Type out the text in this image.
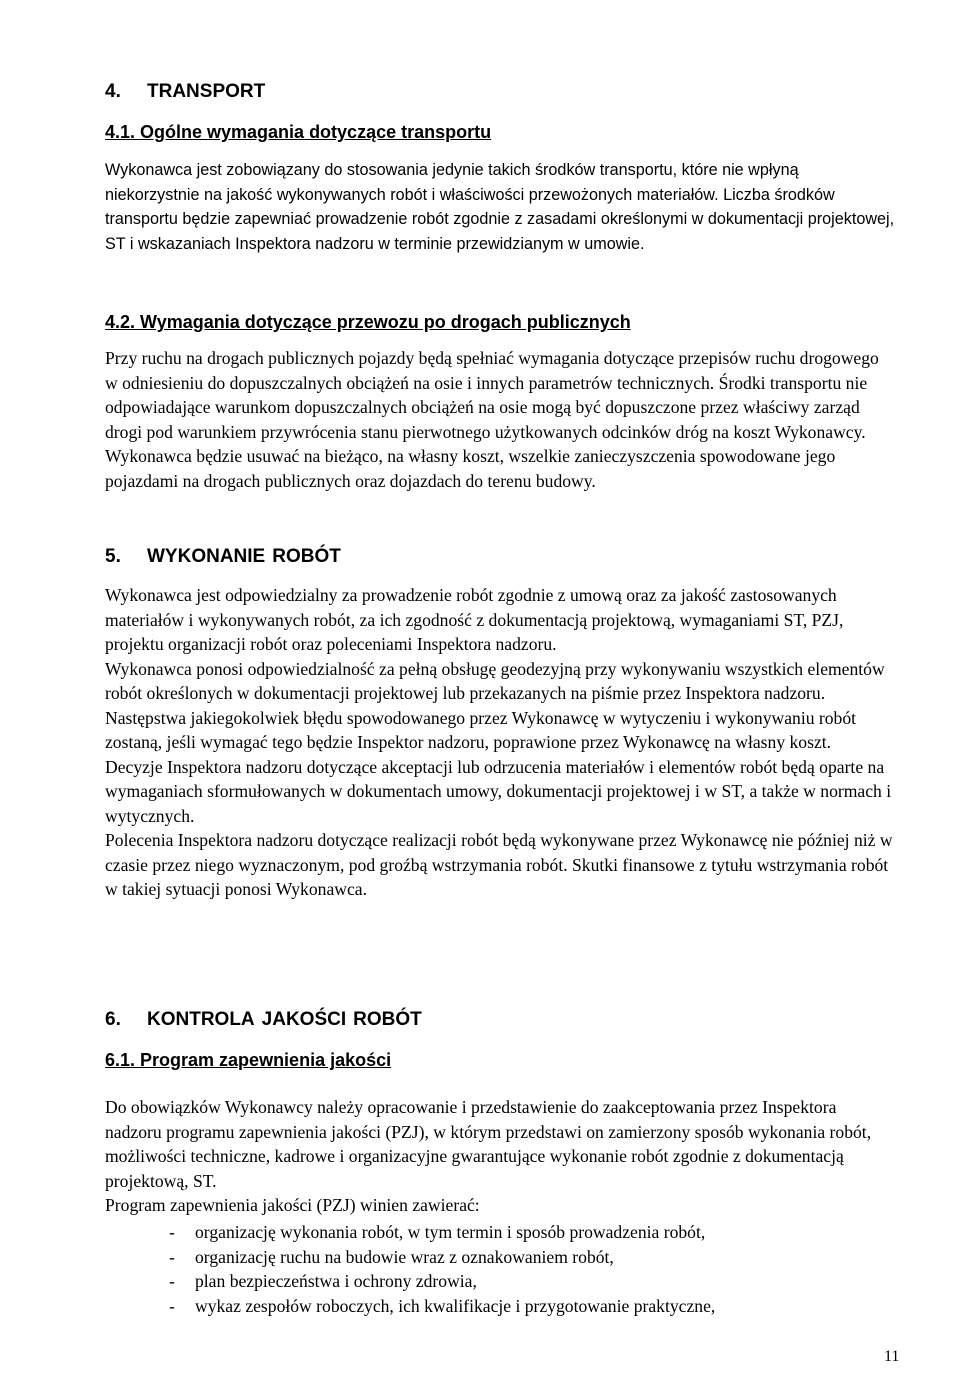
4. TRANSPORT
4.1. Ogólne wymagania dotyczące transportu

Wykonawca jest zobowiązany do stosowania jedynie takich środków transportu, które nie wpłyną niekorzystnie na jakość wykonywanych robót i właściwości przewożonych materiałów. Liczba środków transportu będzie zapewniać prowadzenie robót zgodnie z zasadami określonymi w dokumentacji projektowej, ST i wskazaniach Inspektora nadzoru w terminie przewidzianym w umowie.

4.2. Wymagania dotyczące przewozu po drogach publicznych

Przy ruchu na drogach publicznych pojazdy będą spełniać wymagania dotyczące przepisów ruchu drogowego w odniesieniu do dopuszczalnych obciążeń na osie i innych parametrów technicznych. Środki transportu nie odpowiadające warunkom dopuszczalnych obciążeń na osie mogą być dopuszczone przez właściwy zarząd drogi pod warunkiem przywrócenia stanu pierwotnego użytkowanych odcinków dróg na koszt Wykonawcy.
Wykonawca będzie usuwać na bieżąco, na własny koszt, wszelkie zanieczyszczenia spowodowane jego pojazdami na drogach publicznych oraz dojazdach do terenu budowy.

5. WYKONANIE ROBÓT

Wykonawca jest odpowiedzialny za prowadzenie robót zgodnie z umową oraz za jakość zastosowanych materiałów i wykonywanych robót, za ich zgodność z dokumentacją projektową, wymaganiami ST, PZJ, projektu organizacji robót oraz poleceniami Inspektora nadzoru.
Wykonawca ponosi odpowiedzialność za pełną obsługę geodezyjną przy wykonywaniu wszystkich elementów robót określonych w dokumentacji projektowej lub przekazanych na piśmie przez Inspektora nadzoru.
Następstwa jakiegokolwiek błędu spowodowanego przez Wykonawcę w wytyczeniu i wykonywaniu robót zostaną, jeśli wymagać tego będzie Inspektor nadzoru, poprawione przez Wykonawcę na własny koszt.
Decyzje Inspektora nadzoru dotyczące akceptacji lub odrzucenia materiałów i elementów robót będą oparte na wymaganiach sformułowanych w dokumentach umowy, dokumentacji projektowej i w ST, a także w normach i wytycznych.
Polecenia Inspektora nadzoru dotyczące realizacji robót będą wykonywane przez Wykonawcę nie później niż w czasie przez niego wyznaczonym, pod groźbą wstrzymania robót. Skutki finansowe z tytułu wstrzymania robót w takiej sytuacji ponosi Wykonawca.

6. KONTROLA JAKOŚCI ROBÓT
6.1. Program zapewnienia jakości

Do obowiązków Wykonawcy należy opracowanie i przedstawienie do zaakceptowania przez Inspektora nadzoru programu zapewnienia jakości (PZJ), w którym przedstawi on zamierzony sposób wykonania robót, możliwości techniczne, kadrowe i organizacyjne gwarantujące wykonanie robót zgodnie z dokumentacją projektową, ST.
Program zapewnienia jakości (PZJ) winien zawierać:

- organizację wykonania robót, w tym termin i sposób prowadzenia robót,
- organizację ruchu na budowie wraz z oznakowaniem robót,
- plan bezpieczeństwa i ochrony zdrowia,
- wykaz zespołów roboczych, ich kwalifikacje i przygotowanie praktyczne,
11
